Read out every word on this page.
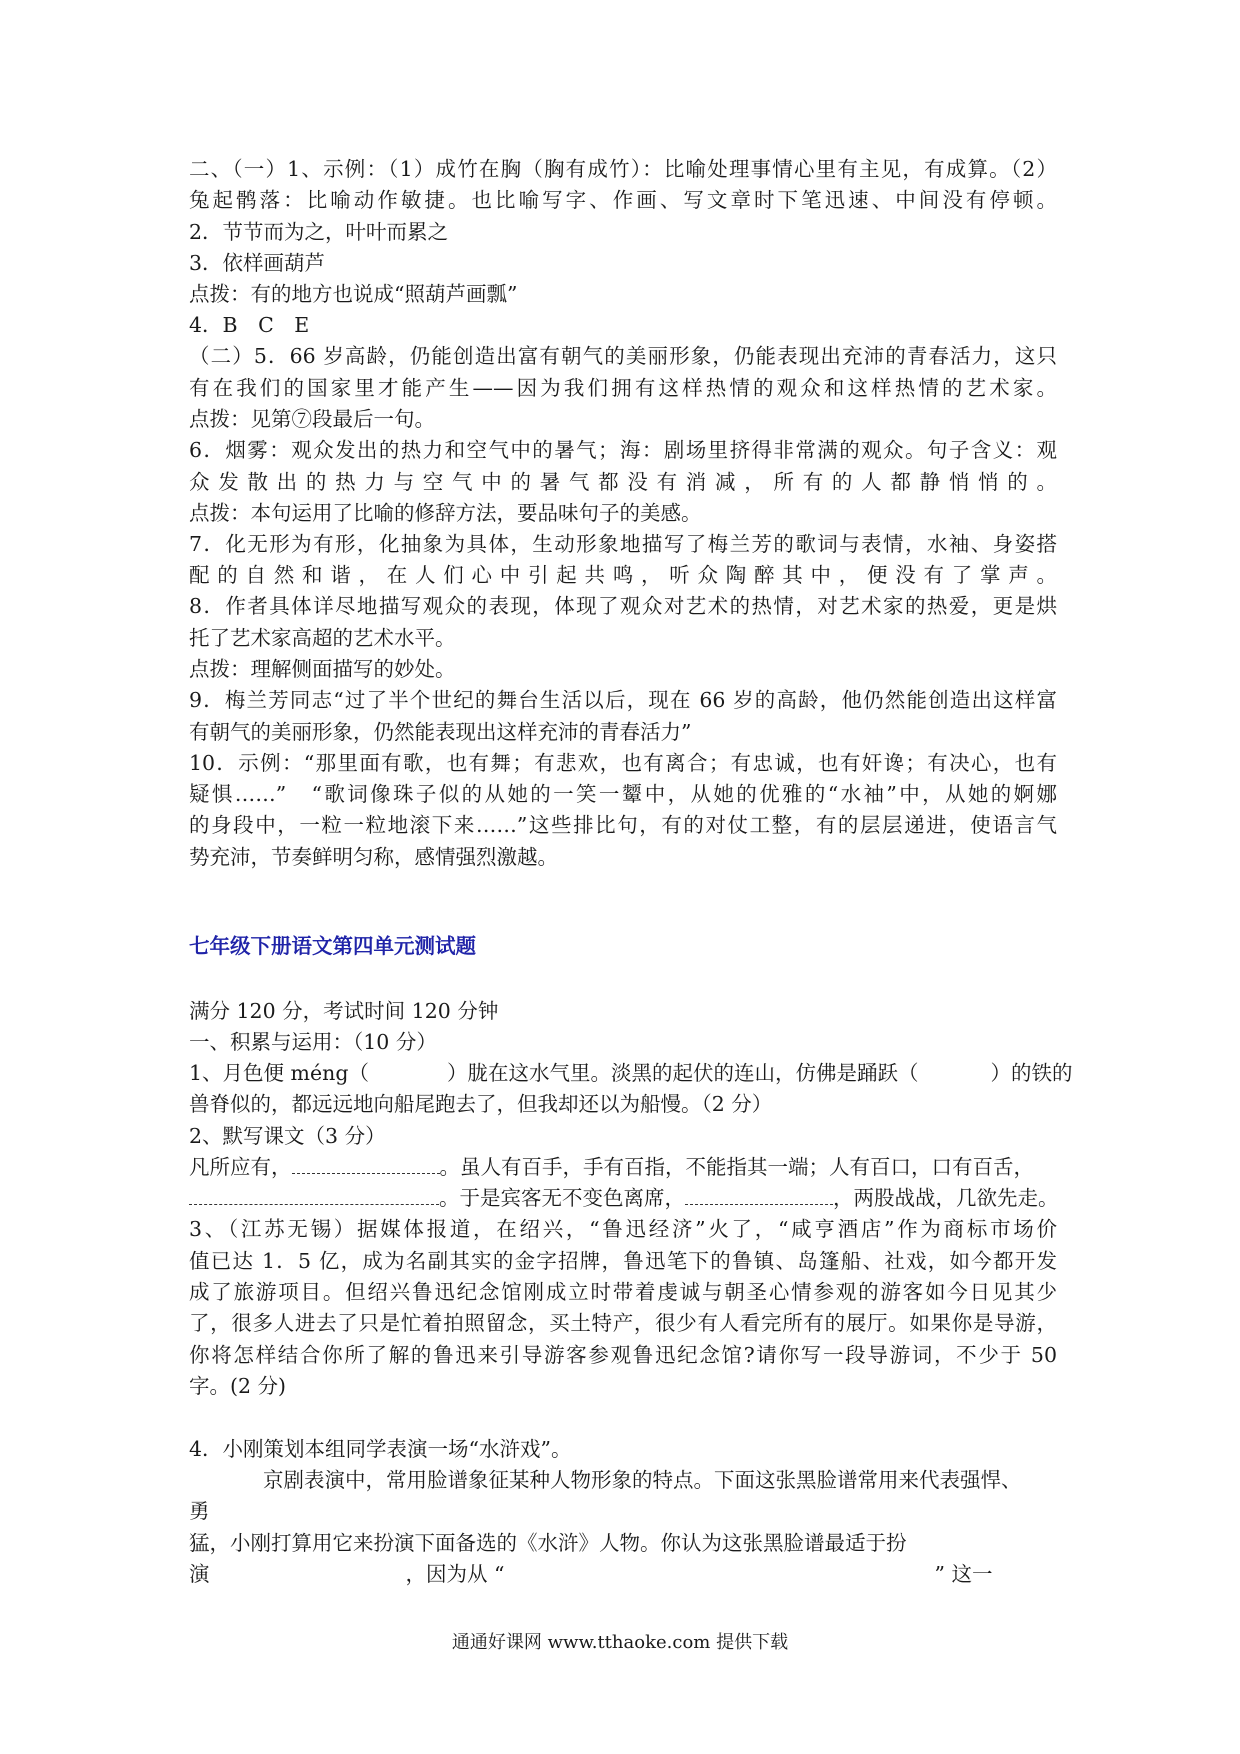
二、（一）1、示例：（1）成竹在胸（胸有成竹）：比喻处理事情心里有主见，有成算。（2）
兔起鹘落：比喻动作敏捷。也比喻写字、作画、写文章时下笔迅速、中间没有停顿。
2．节节而为之，叶叶而累之
3．依样画葫芦
点拨：有的地方也说成“照葫芦画瓢”
4．B　C　E
（二）5．66 岁高龄，仍能创造出富有朝气的美丽形象，仍能表现出充沛的青春活力，这只
有在我们的国家里才能产生——因为我们拥有这样热情的观众和这样热情的艺术家。
点拨：见第⑦段最后一句。
6．烟雾：观众发出的热力和空气中的暑气；海：剧场里挤得非常满的观众。句子含义：观
众发散出的热力与空气中的暑气都没有消减，所有的人都静悄悄的。
点拨：本句运用了比喻的修辞方法，要品味句子的美感。
7．化无形为有形，化抽象为具体，生动形象地描写了梅兰芳的歌词与表情，水袖、身姿搭
配的自然和谐，在人们心中引起共鸣，听众陶醉其中，便没有了掌声。
8．作者具体详尽地描写观众的表现，体现了观众对艺术的热情，对艺术家的热爱，更是烘
托了艺术家高超的艺术水平。
点拨：理解侧面描写的妙处。
9．梅兰芳同志“过了半个世纪的舞台生活以后，现在 66 岁的高龄，他仍然能创造出这样富
有朝气的美丽形象，仍然能表现出这样充沛的青春活力”
10．示例：“那里面有歌，也有舞；有悲欢，也有离合；有忠诚，也有奸谗；有决心，也有
疑惧……”　“歌词像珠子似的从她的一笑一颦中，从她的优雅的“水袖”中，从她的婀娜
的身段中，一粒一粒地滚下来……”这些排比句，有的对仗工整，有的层层递进，使语言气
势充沛，节奏鲜明匀称，感情强烈激越。
七年级下册语文第四单元测试题
满分 120 分，考试时间 120 分钟
一、积累与运用：（10 分）
1、月色便 méng（	）胧在这水气里。淡黑的起伏的连山，仿佛是踊跃（	）的铁的
兽脊似的，都远远地向船尾跑去了，但我却还以为船慢。（2 分）
2、默写课文（3 分）
凡所应有，	。虽人有百手，手有百指，不能指其一端；人有百口，口有百舌，
。于是宾客无不变色离席，	，两股战战，几欲先走。
3、（江苏无锡）据媒体报道，在绍兴，“鲁迅经济”火了，“咸亨酒店”作为商标市场价
值已达 1．5 亿，成为名副其实的金字招牌，鲁迅笔下的鲁镇、岛篷船、社戏，如今都开发
成了旅游项目。但绍兴鲁迅纪念馆刚成立时带着虔诚与朝圣心情参观的游客如今日见其少
了，很多人进去了只是忙着拍照留念，买土特产，很少有人看完所有的展厅。如果你是导游，
你将怎样结合你所了解的鲁迅来引导游客参观鲁迅纪念馆?请你写一段导游词，不少于 50
字。(2 分)
4．小刚策划本组同学表演一场“水浒戏”。
京剧表演中，常用脸谱象征某种人物形象的特点。下面这张黑脸谱常用来代表强悍、
勇
猛，小刚打算用它来扮演下面备选的《水浒》人物。你认为这张黑脸谱最适于扮
演	，因为从 “	” 这一
通通好课网 www.tthaoke.com 提供下载
